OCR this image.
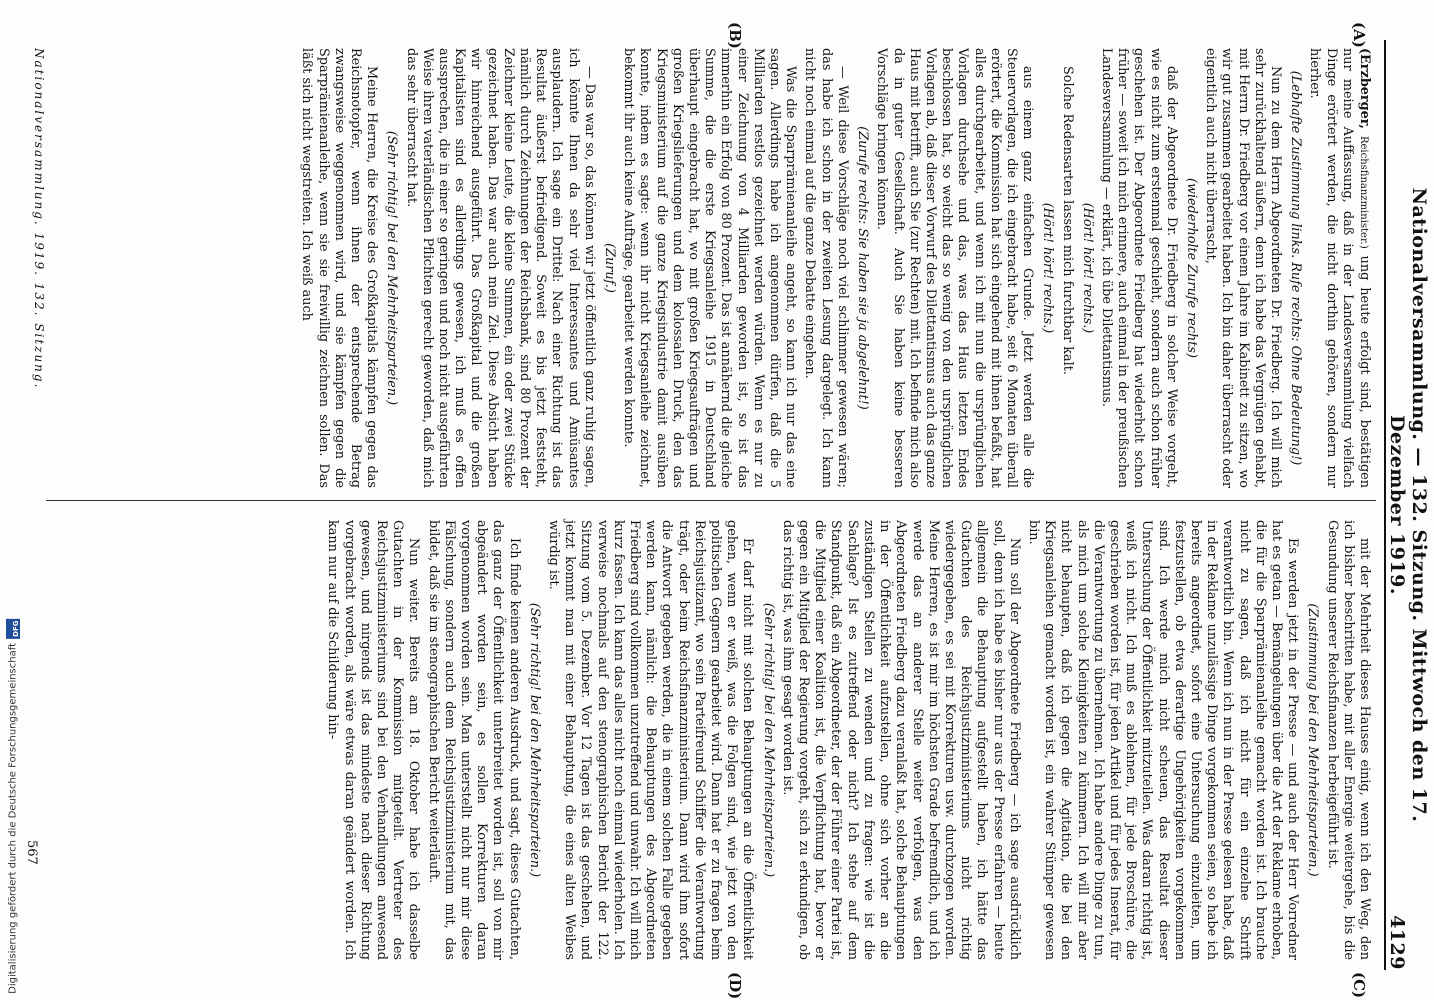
Nationalversammlung. — 132. Sitzung. Mittwoch den 17. Dezember 1919.
4129
(A)
(B)
(C)
(D)

(Erzberger, Reichsfinanzminister.) ung heute erfolgt sind, bestätigen nur meine Auffassung, daß in der Landesversammlung vielfach Dinge erörtert werden, die nicht dorthin gehören, sondern nur hierher.

(Lebhafte Zustimmung links. Rufe rechts: Ohne Bedeutung!)

Nun zu dem Herrn Abgeordneten Dr. Friedberg. Ich will mich sehr zurückhaltend äußern, denn ich habe das Vergnügen gehabt, mit Herrn Dr. Friedberg vor einem Jahre im Kabinett zu sitzen, wo wir gut zusammen gearbeitet haben. Ich bin daher überrascht oder eigentlich auch nicht überrascht,

(wiederholte Zurufe rechts)

daß der Abgeordnete Dr. Friedberg in solcher Weise vorgeht, wie es nicht zum erstenmal geschieht, sondern auch schon früher geschehen ist. Der Abgeordnete Friedberg hat wiederholt schon früher — soweit ich mich erinnere, auch einmal in der preußischen Landesversammlung — erklärt, ich übe Dilettantismus.

(Hört! hört! rechts.)

Solche Redensarten lassen mich furchtbar kalt.

(Hört! hört! rechts.)

aus einem ganz einfachen Grunde. Jetzt werden alle die Steuervorlagen, die ich eingebracht habe, seit 6 Monaten überall erörtert, die Kommission hat sich eingehend mit ihnen befaßt, hat alles durchgearbeitet, und wenn ich mit nun die ursprünglichen Vorlagen durchsehe und das, was das Haus letzten Endes beschlossen hat, so weicht das so wenig von den ursprünglichen Vorlagen ab, daß dieser Vorwurf des Dilettantismus auch das ganze Haus mit betrifft, auch Sie (zur Rechten) mit. Ich befinde mich also da in guter Gesellschaft. Auch Sie haben keine besseren Vorschläge bringen können.

(Zurufe rechts: Sie haben sie ja abgelehnt!)

— Weil diese Vorschläge noch viel schlimmer gewesen wären; das habe ich schon in der zweiten Lesung dargelegt. Ich kann nicht noch einmal auf die ganze Debatte eingehen.

Was die Sparprämienanleihe angeht, so kann ich nur das eine sagen. Allerdings habe ich angenommen dürfen, daß die 5 Milliarden restlos gezeichnet werden würden. Wenn es nur zu einer Zeichnung von 4 Milliarden geworden ist, so ist das immerhin ein Erfolg von 80 Prozent. Das ist annähernd die gleiche Summe, die die erste Kriegsanleihe 1915 in Deutschland überhaupt eingebracht hat, wo mit großen Kriegsaufträgen und großen Kriegslieferungen und dem kolossalen Druck, den das Kriegsministerium auf die ganze Kriegsindustrie damit ausüben konnte, indem es sagte: wenn ihr nicht Kriegsanleihe zeichnet, bekommt ihr auch keine Aufträge, gearbeitet werden konnte.

(Zuruf.)

— Das war so, das können wir jetzt öffentlich ganz ruhig sagen, ich könnte Ihnen da sehr viel Interessantes und Amüsantes ausplaudern. Ich sage ein Drittel: Nach einer Richtung ist das Resultat äußerst befriedigend. Soweit es bis jetzt feststeht, nämlich durch Zeichnungen der Reichsbank, sind 80 Prozent der Zeichner kleine Leute, die kleine Summen, ein oder zwei Stücke gezeichnet haben. Das war auch mein Ziel. Diese Absicht haben wir hinreichend ausgeführt. Das Großkapital und die großen Kapitalisten sind es allerdings gewesen, ich muß es offen aussprechen, die in einer so geringen und noch nicht ausgeführten Weise ihren vaterländischen Pflichten gerecht geworden, daß mich das sehr überrascht hat.

(Sehr richtig! bei den Mehrheitsparteien.)

Meine Herren, die Kreise des Großkapitals kämpfen gegen das Reichsnotopfer, wenn ihnen der entsprechende Betrag zwangsweise weggenommen wird, und sie kämpfen gegen die Sparprämienanleihe, wenn sie sie freiwillig zeichnen sollen. Das läßt sich nicht wegstreiten. Ich weiß auch

mit der Mehrheit dieses Hauses einig, wenn ich den Weg, den ich bisher beschritten habe, mit aller Energie weitergehe, bis die Gesundung unserer Reichsfinanzen herbeigeführt ist.

(Zustimmung bei den Mehrheitsparteien.)

Es werden jetzt in der Presse — und auch der Herr Vorredner hat es getan — Bemängelungen über die Art der Reklame erhoben, die für die Sparprämienanleihe gemacht worden ist. Ich brauche nicht zu sagen, daß ich nicht für ein einzelne Schrift verantwortlich bin. Wenn ich nun in der Presse gelesen habe, daß in der Reklame unzulässige Dinge vorgekommen seien, so habe ich bereits angeordnet, sofort eine Untersuchung einzuleiten, um festzustellen, ob etwa derartige Ungehörigkeiten vorgekommen sind. Ich werde mich nicht scheuen, das Resultat dieser Untersuchung der Öffentlichkeit mitzuteilen. Was daran richtig ist, weiß ich nicht. Ich muß es ablehnen, für jede Broschüre, die geschrieben worden ist, für jeden Artikel und für jedes Inserat, für die Verantwortung zu übernehmen. Ich habe andere Dinge zu tun, als mich um solche Kleinigkeiten zu kümmern. Ich will mir aber nicht behaupten, daß ich gegen die Agitation, die bei den Kriegsanleihen gemacht worden ist, ein wahrer Stümper gewesen bin.

Nun soll der Abgeordnete Friedberg — ich sage ausdrücklich soll, denn ich habe es bisher nur aus der Presse erfahren — heute allgemein die Behauptung aufgestellt haben, ich hätte das Gutachten des Reichsjustizministeriums nicht richtig wiedergegeben, es sei mit Korrekturen usw. durchzogen worden. Meine Herren, es ist mir im höchsten Grade befremdlich, und ich werde das an anderer Stelle weiter verfolgen, was den Abgeordneten Friedberg dazu veranlaßt hat, solche Behauptungen in der Öffentlichkeit aufzustellen, ohne sich vorher an die zuständigen Stellen zu wenden und zu fragen: wie ist die Sachlage? Ist es zutreffend oder nicht? Ich stehe auf dem Standpunkt, daß ein Abgeordneter, der der Führer einer Partei ist, die Mitglied einer Koalition ist, die Verpflichtung hat, bevor er gegen ein Mitglied der Regierung vorgeht, sich zu erkundigen, ob das richtig ist, was ihm gesagt worden ist.

(Sehr richtig! bei den Mehrheitsparteien.)

Er darf nicht mit solchen Behauptungen an die Öffentlichkeit gehen, wenn er weiß, was die Folgen sind, wie jetzt von den politischen Gegnern gearbeitet wird. Dann hat er zu fragen beim Reichsjustizamt, wo sein Parteifreund Schiffer die Verantwortung trägt, oder beim Reichsfinanzministerium. Dann wird ihm sofort die Antwort gegeben werden, die in einem solchen Falle gegeben werden kann, nämlich: die Behauptungen des Abgeordneten Friedberg sind vollkommen unzutreffend und unwahr. Ich will mich kurz fassen. Ich kann das alles nicht noch einmal wiederholen. Ich verweise nochmals auf den stenographischen Bericht der 122. Sitzung vom 5. Dezember. Vor 12 Tagen ist das geschehen, und jetzt kommt man mit einer Behauptung, die eines alten Weibes würdig ist.

(Sehr richtig! bei den Mehrheitsparteien.)

Ich finde keinen anderen Ausdruck, und sagt, dieses Gutachten, das ganz der Öffentlichkeit unterbreitet worden ist, soll von mir abgeändert worden sein, es sollen Korrekturen daran vorgenommen worden sein. Man unterstellt nicht nur mir diese Fälschung, sondern auch dem Reichsjustizministerium mit, das bildet, daß sie im stenographischen Bericht weiterläuft.

Nun weiter. Bereits am 18. Oktober habe ich dasselbe Gutachten in der Kommission mitgeteilt. Vertreter des Reichsjustizministeriums sind bei den Verhandlungen anwesend gewesen, und nirgends ist das mindeste nach dieser Richtung vorgebracht worden, als wäre etwas daran geändert worden. Ich kann nur auf die Schilderung hin-

Nationalversammlung. 1919. 132. Sitzung.
567
Digitalisierung gefördert durch die Deutsche Forschungsgemeinschaft
DFG
